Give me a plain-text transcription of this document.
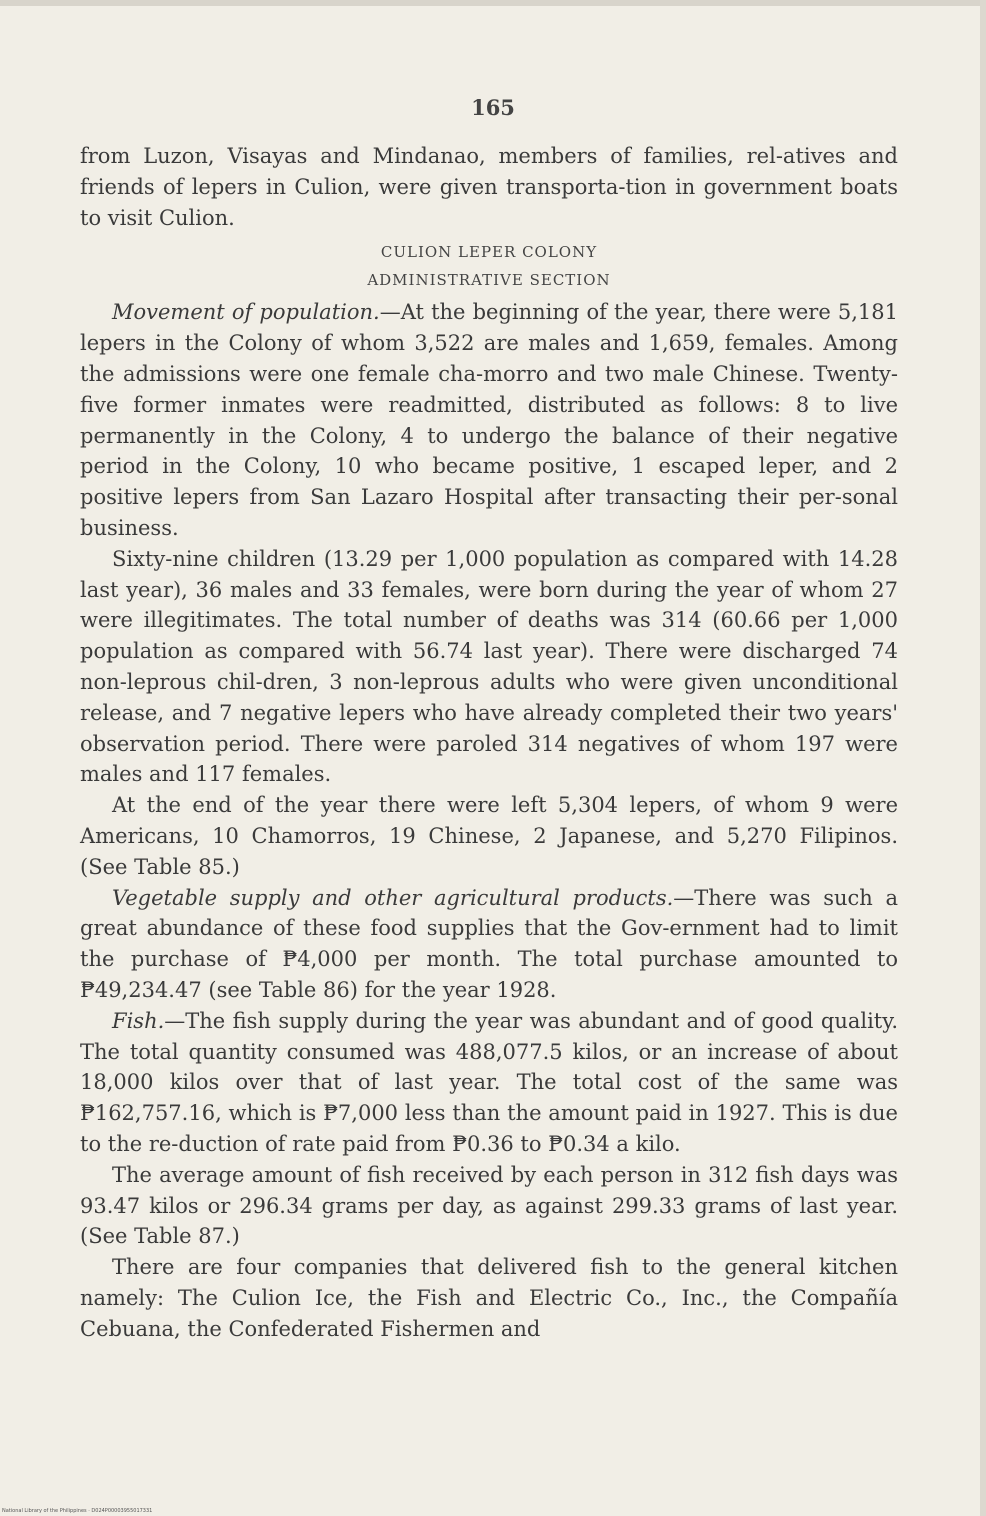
165

from Luzon, Visayas and Mindanao, members of families, rel-atives and friends of lepers in Culion, were given transporta-tion in government boats to visit Culion.

CULION LEPER COLONY

ADMINISTRATIVE SECTION

Movement of population.—At the beginning of the year, there were 5,181 lepers in the Colony of whom 3,522 are males and 1,659, females. Among the admissions were one female cha-morro and two male Chinese. Twenty-five former inmates were readmitted, distributed as follows: 8 to live permanently in the Colony, 4 to undergo the balance of their negative period in the Colony, 10 who became positive, 1 escaped leper, and 2 positive lepers from San Lazaro Hospital after transacting their per-sonal business.

Sixty-nine children (13.29 per 1,000 population as compared with 14.28 last year), 36 males and 33 females, were born during the year of whom 27 were illegitimates. The total number of deaths was 314 (60.66 per 1,000 population as compared with 56.74 last year). There were discharged 74 non-leprous chil-dren, 3 non-leprous adults who were given unconditional release, and 7 negative lepers who have already completed their two years' observation period. There were paroled 314 negatives of whom 197 were males and 117 females.

At the end of the year there were left 5,304 lepers, of whom 9 were Americans, 10 Chamorros, 19 Chinese, 2 Japanese, and 5,270 Filipinos. (See Table 85.)

Vegetable supply and other agricultural products.—There was such a great abundance of these food supplies that the Gov-ernment had to limit the purchase of ₱4,000 per month. The total purchase amounted to ₱49,234.47 (see Table 86) for the year 1928.

Fish.—The fish supply during the year was abundant and of good quality. The total quantity consumed was 488,077.5 kilos, or an increase of about 18,000 kilos over that of last year. The total cost of the same was ₱162,757.16, which is ₱7,000 less than the amount paid in 1927. This is due to the re-duction of rate paid from ₱0.36 to ₱0.34 a kilo.

The average amount of fish received by each person in 312 fish days was 93.47 kilos or 296.34 grams per day, as against 299.33 grams of last year. (See Table 87.)

There are four companies that delivered fish to the general kitchen namely: The Culion Ice, the Fish and Electric Co., Inc., the Compañía Cebuana, the Confederated Fishermen and

National Library of the Philippines · D024P00003955017331
